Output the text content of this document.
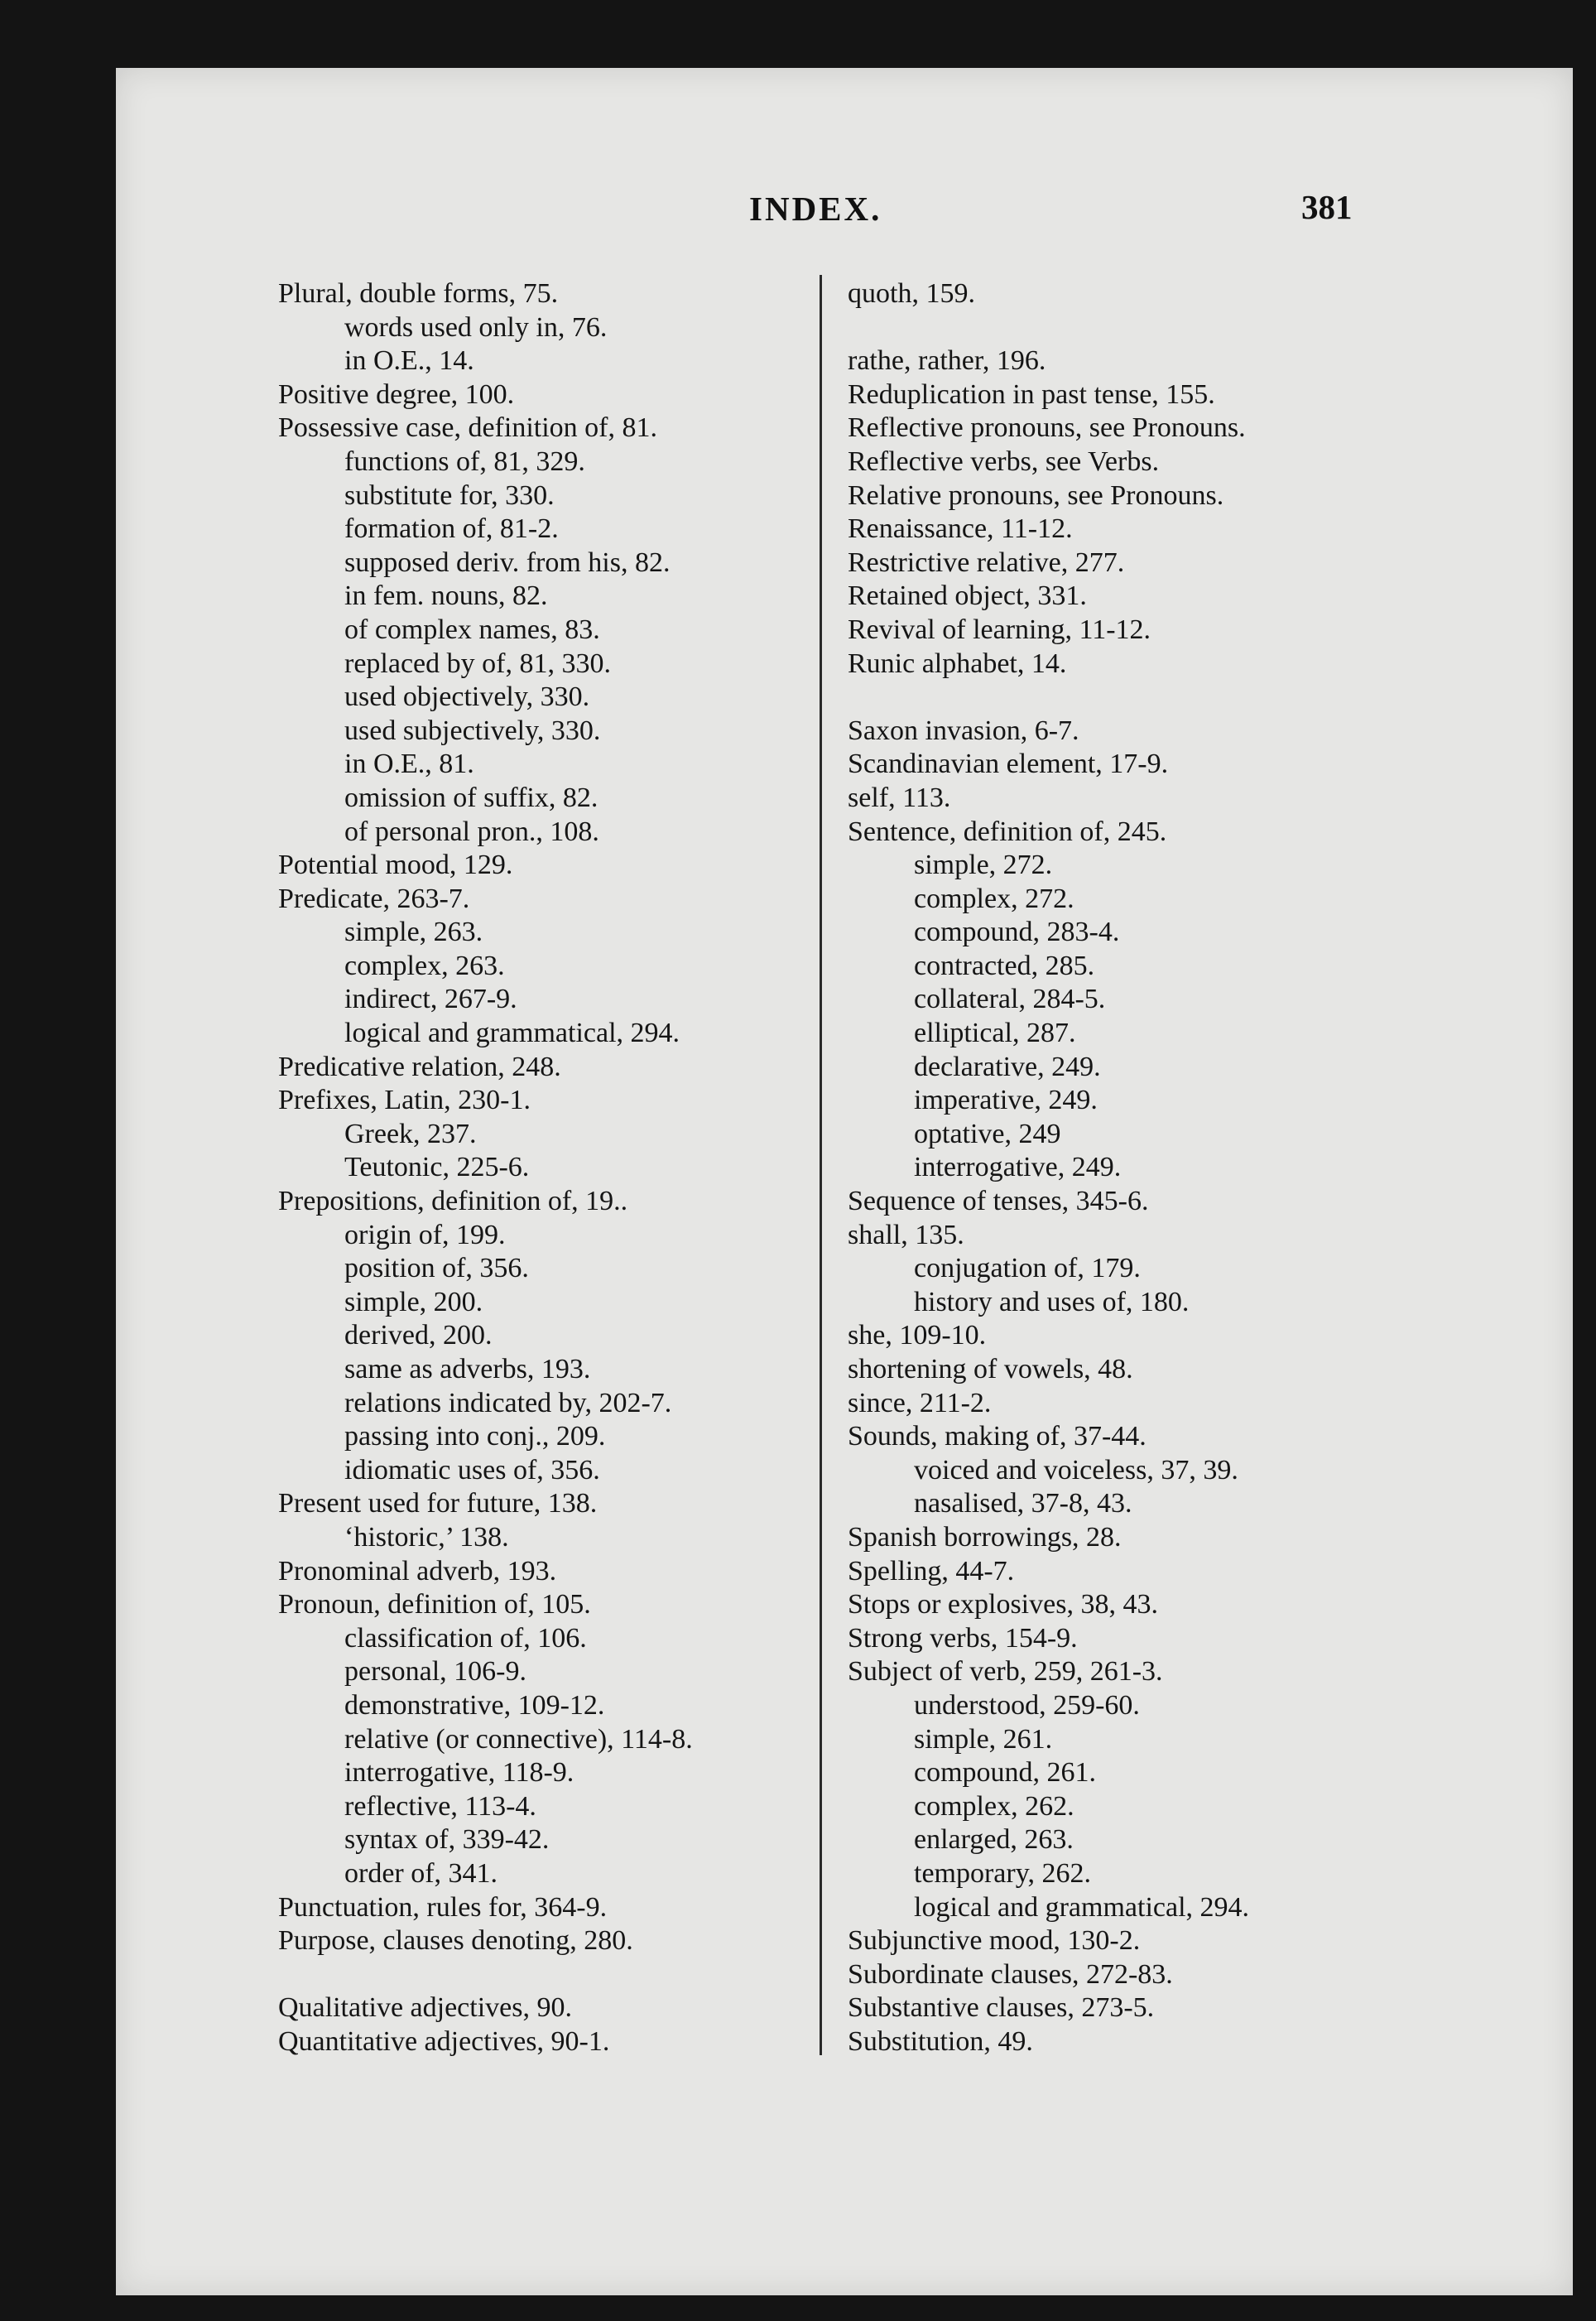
INDEX.	381
Plural, double forms, 75.
words used only in, 76.
in O.E., 14.
Positive degree, 100.
Possessive case, definition of, 81.
functions of, 81, 329.
substitute for, 330.
formation of, 81-2.
supposed deriv. from his, 82.
in fem. nouns, 82.
of complex names, 83.
replaced by of, 81, 330.
used objectively, 330.
used subjectively, 330.
in O.E., 81.
omission of suffix, 82.
of personal pron., 108.
Potential mood, 129.
Predicate, 263-7.
simple, 263.
complex, 263.
indirect, 267-9.
logical and grammatical, 294.
Predicative relation, 248.
Prefixes, Latin, 230-1.
Greek, 237.
Teutonic, 225-6.
Prepositions, definition of, 19..
origin of, 199.
position of, 356.
simple, 200.
derived, 200.
same as adverbs, 193.
relations indicated by, 202-7.
passing into conj., 209.
idiomatic uses of, 356.
Present used for future, 138.
‘historic,’ 138.
Pronominal adverb, 193.
Pronoun, definition of, 105.
classification of, 106.
personal, 106-9.
demonstrative, 109-12.
relative (or connective), 114-8.
interrogative, 118-9.
reflective, 113-4.
syntax of, 339-42.
order of, 341.
Punctuation, rules for, 364-9.
Purpose, clauses denoting, 280.
Qualitative adjectives, 90.
Quantitative adjectives, 90-1.
quoth, 159.
rathe, rather, 196.
Reduplication in past tense, 155.
Reflective pronouns, see Pronouns.
Reflective verbs, see Verbs.
Relative pronouns, see Pronouns.
Renaissance, 11-12.
Restrictive relative, 277.
Retained object, 331.
Revival of learning, 11-12.
Runic alphabet, 14.
Saxon invasion, 6-7.
Scandinavian element, 17-9.
self, 113.
Sentence, definition of, 245.
simple, 272.
complex, 272.
compound, 283-4.
contracted, 285.
collateral, 284-5.
elliptical, 287.
declarative, 249.
imperative, 249.
optative, 249
interrogative, 249.
Sequence of tenses, 345-6.
shall, 135.
conjugation of, 179.
history and uses of, 180.
she, 109-10.
shortening of vowels, 48.
since, 211-2.
Sounds, making of, 37-44.
voiced and voiceless, 37, 39.
nasalised, 37-8, 43.
Spanish borrowings, 28.
Spelling, 44-7.
Stops or explosives, 38, 43.
Strong verbs, 154-9.
Subject of verb, 259, 261-3.
understood, 259-60.
simple, 261.
compound, 261.
complex, 262.
enlarged, 263.
temporary, 262.
logical and grammatical, 294.
Subjunctive mood, 130-2.
Subordinate clauses, 272-83.
Substantive clauses, 273-5.
Substitution, 49.
